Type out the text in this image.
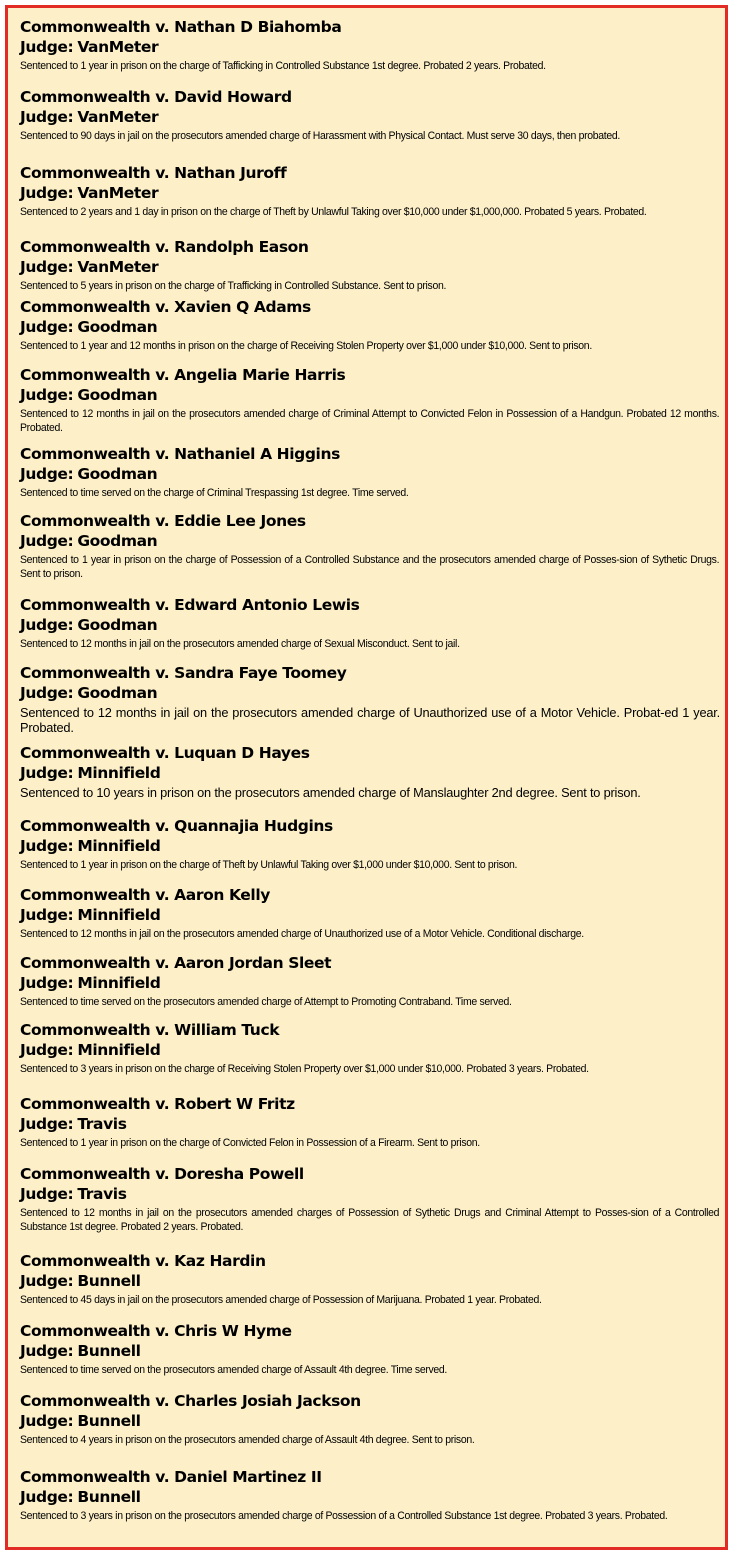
Commonwealth v. Nathan D Biahomba

Judge: VanMeter

Sentenced to 1 year in prison on the charge of Tafficking in Controlled Substance 1st degree. Probated 2 years. Probated.

Commonwealth v. David Howard

Judge: VanMeter

Sentenced to 90 days in jail on the prosecutors amended charge of Harassment with Physical Contact. Must serve 30 days, then probated.

Commonwealth v. Nathan Juroff

Judge: VanMeter

Sentenced to 2 years and 1 day in prison on the charge of Theft by Unlawful Taking over $10,000 under $1,000,000. Probated 5 years. Probated.

Commonwealth v. Randolph Eason

Judge: VanMeter

Sentenced to 5 years in prison on the charge of Trafficking in Controlled Substance. Sent to prison.

Commonwealth v. Xavien Q Adams

Judge: Goodman

Sentenced to 1 year and 12 months in prison on the charge of Receiving Stolen Property over $1,000 under $10,000. Sent to prison.

Commonwealth v. Angelia Marie Harris

Judge: Goodman

Sentenced to 12 months in jail on the prosecutors amended charge of Criminal Attempt to Convicted Felon in Possession of a Handgun. Probated 12 months. Probated.

Commonwealth v. Nathaniel A Higgins

Judge: Goodman

Sentenced to time served on the charge of Criminal Trespassing 1st degree. Time served.

Commonwealth v. Eddie Lee Jones

Judge: Goodman

Sentenced to 1 year in prison on the charge of Possession of a Controlled Substance and the prosecutors amended charge of Posses-sion of Sythetic Drugs. Sent to prison.

Commonwealth v. Edward Antonio Lewis

Judge: Goodman

Sentenced to 12 months in jail on the prosecutors amended charge of Sexual Misconduct. Sent to jail.

Commonwealth v. Sandra Faye Toomey

Judge: Goodman

Sentenced to 12 months in jail on the prosecutors amended charge of Unauthorized use of a Motor Vehicle. Probat-ed 1 year. Probated.

Commonwealth v. Luquan D Hayes

Judge: Minnifield

Sentenced to 10 years in prison on the prosecutors amended charge of Manslaughter 2nd degree. Sent to prison.

Commonwealth v. Quannajia Hudgins

Judge: Minnifield

Sentenced to 1 year in prison on the charge of Theft by Unlawful Taking over $1,000 under $10,000. Sent to prison.

Commonwealth v. Aaron Kelly

Judge: Minnifield

Sentenced to 12 months in jail on the prosecutors amended charge of Unauthorized use of a Motor Vehicle. Conditional discharge.

Commonwealth v. Aaron Jordan Sleet

Judge: Minnifield

Sentenced to time served on the prosecutors amended charge of Attempt to Promoting Contraband. Time served.

Commonwealth v. William Tuck

Judge: Minnifield

Sentenced to 3 years in prison on the charge of Receiving Stolen Property over $1,000 under $10,000. Probated 3 years. Probated.

Commonwealth v. Robert W Fritz

Judge: Travis

Sentenced to 1 year in prison on the charge of Convicted Felon in Possession of a Firearm. Sent to prison.

Commonwealth v. Doresha Powell

Judge: Travis

Sentenced to 12 months in jail on the prosecutors amended charges of Possession of Sythetic Drugs and Criminal Attempt to Posses-sion of a Controlled Substance 1st degree. Probated 2 years. Probated.

Commonwealth v. Kaz Hardin

Judge: Bunnell

Sentenced to 45 days in jail on the prosecutors amended charge of Possession of Marijuana. Probated 1 year. Probated.

Commonwealth v. Chris W Hyme

Judge: Bunnell

Sentenced to time served on the prosecutors amended charge of Assault 4th degree. Time served.

Commonwealth v. Charles Josiah Jackson

Judge: Bunnell

Sentenced to 4 years in prison on the prosecutors amended charge of Assault 4th degree. Sent to prison.

Commonwealth v. Daniel Martinez II

Judge: Bunnell

Sentenced to 3 years in prison on the prosecutors amended charge of Possession of a Controlled Substance 1st degree. Probated 3 years. Probated.
